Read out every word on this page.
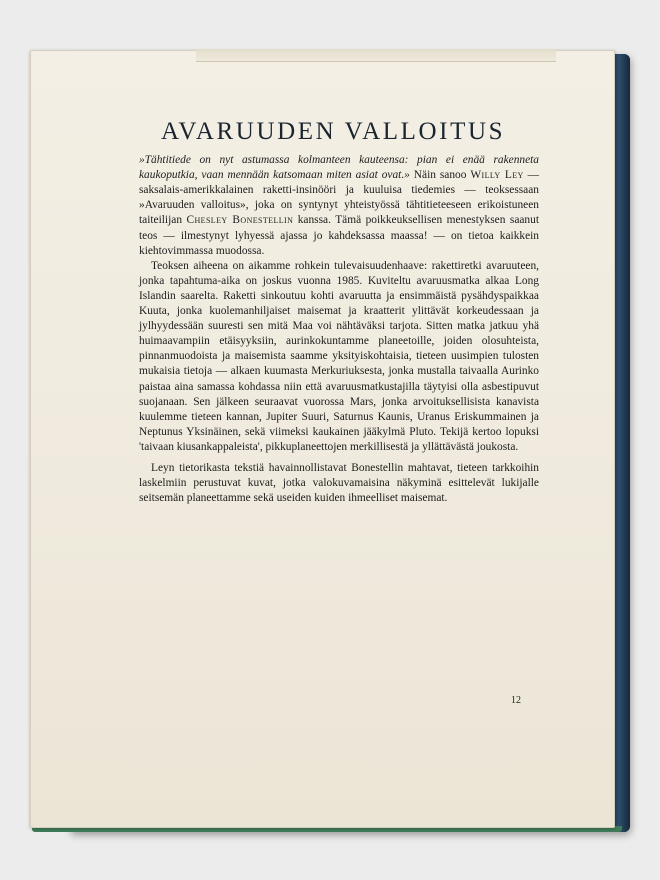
AVARUUDEN VALLOITUS

»Tähtitiede on nyt astumassa kolmanteen kauteensa: pian ei enää rakenneta kaukoputkia, vaan mennään katsomaan miten asiat ovat.» Näin sanoo Willy Ley — saksalais-amerikkalainen raketti-insinööri ja kuuluisa tiedemies — teoksessaan »Avaruuden valloitus», joka on syntynyt yhteistyössä tähtitieteeseen erikoistuneen taiteilijan Chesley Bonestellin kanssa. Tämä poikkeuksellisen menestyksen saanut teos — ilmestynyt lyhyessä ajassa jo kahdeksassa maassa! — on tietoa kaikkein kiehtovimmassa muodossa.

Teoksen aiheena on aikamme rohkein tulevaisuudenhaave: rakettiretki avaruuteen, jonka tapahtuma-aika on joskus vuonna 1985. Kuviteltu avaruusmatka alkaa Long Islandin saarelta. Raketti sinkoutuu kohti avaruutta ja ensimmäistä pysähdyspaikkaa Kuuta, jonka kuolemanhiljaiset maisemat ja kraatterit ylittävät korkeudessaan ja jylhyydessään suuresti sen mitä Maa voi nähtäväksi tarjota. Sitten matka jatkuu yhä huimaavampiin etäisyyksiin, aurinkokuntamme planeetoille, joiden olosuhteista, pinnanmuodoista ja maisemista saamme yksityiskohtaisia, tieteen uusimpien tulosten mukaisia tietoja — alkaen kuumasta Merkuriuksesta, jonka mustalla taivaalla Aurinko paistaa aina samassa kohdassa niin että avaruusmatkustajilla täytyisi olla asbestipuvut suojanaan. Sen jälkeen seuraavat vuorossa Mars, jonka arvoituksellisista kanavista kuulemme tieteen kannan, Jupiter Suuri, Saturnus Kaunis, Uranus Eriskummainen ja Neptunus Yksinäinen, sekä viimeksi kaukainen jääkylmä Pluto. Tekijä kertoo lopuksi 'taivaan kiusankappaleista', pikkuplaneettojen merkillisestä ja yllättävästä joukosta.

Leyn tietorikasta tekstiä havainnollistavat Bonestellin mahtavat, tieteen tarkkoihin laskelmiin perustuvat kuvat, jotka valokuvamaisina näkyminä esittelevät lukijalle seitsemän planeettamme sekä useiden kuiden ihmeelliset maisemat.

12
